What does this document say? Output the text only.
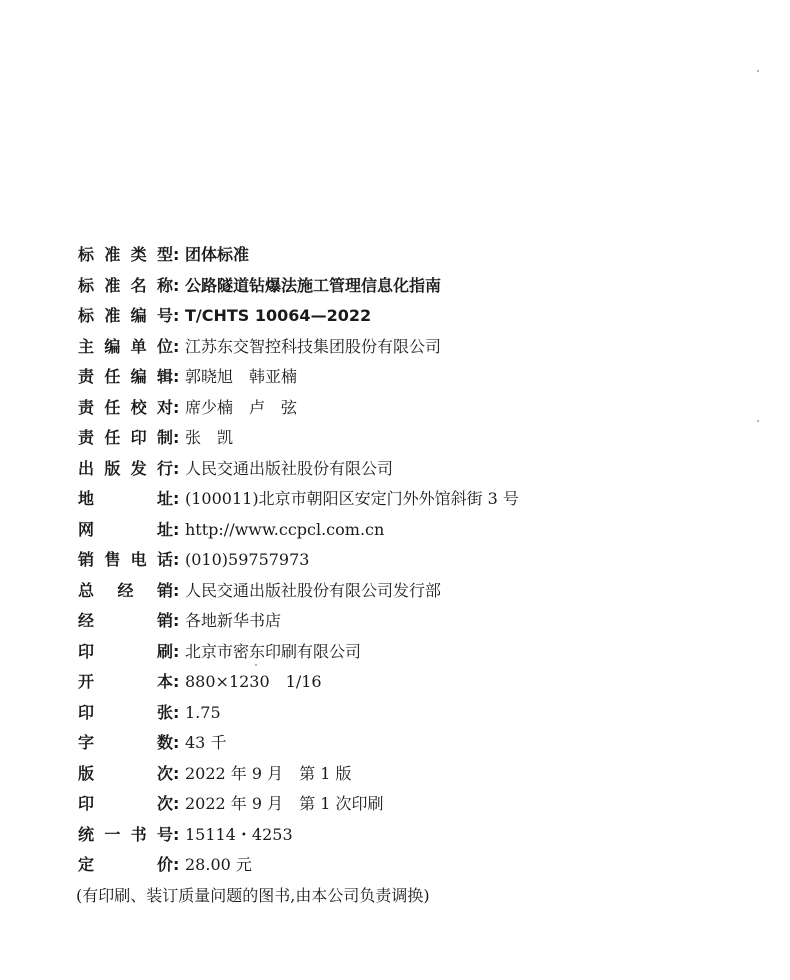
标准类型 : 团体标准
标准名称 : 公路隧道钻爆法施工管理信息化指南
标准编号 : T/CHTS 10064—2022
主编单位 : 江苏东交智控科技集团股份有限公司
责任编辑 : 郭晓旭　韩亚楠
责任校对 : 席少楠　卢　弦
责任印制 : 张　凯
出版发行 : 人民交通出版社股份有限公司
地　　址 : (100011)北京市朝阳区安定门外外馆斜街 3 号
网　　址 : http://www.ccpcl.com.cn
销售电话 : (010)59757973
总 经 销 : 人民交通出版社股份有限公司发行部
经　　销 : 各地新华书店
印　　刷 : 北京市密东印刷有限公司
开　　本 : 880×1230　1/16
印　　张 : 1.75
字　　数 : 43 千
版　　次 : 2022 年 9 月　第 1 版
印　　次 : 2022 年 9 月　第 1 次印刷
统一书号 : 15114・4253
定　　价 : 28.00 元
(有印刷、装订质量问题的图书,由本公司负责调换)
